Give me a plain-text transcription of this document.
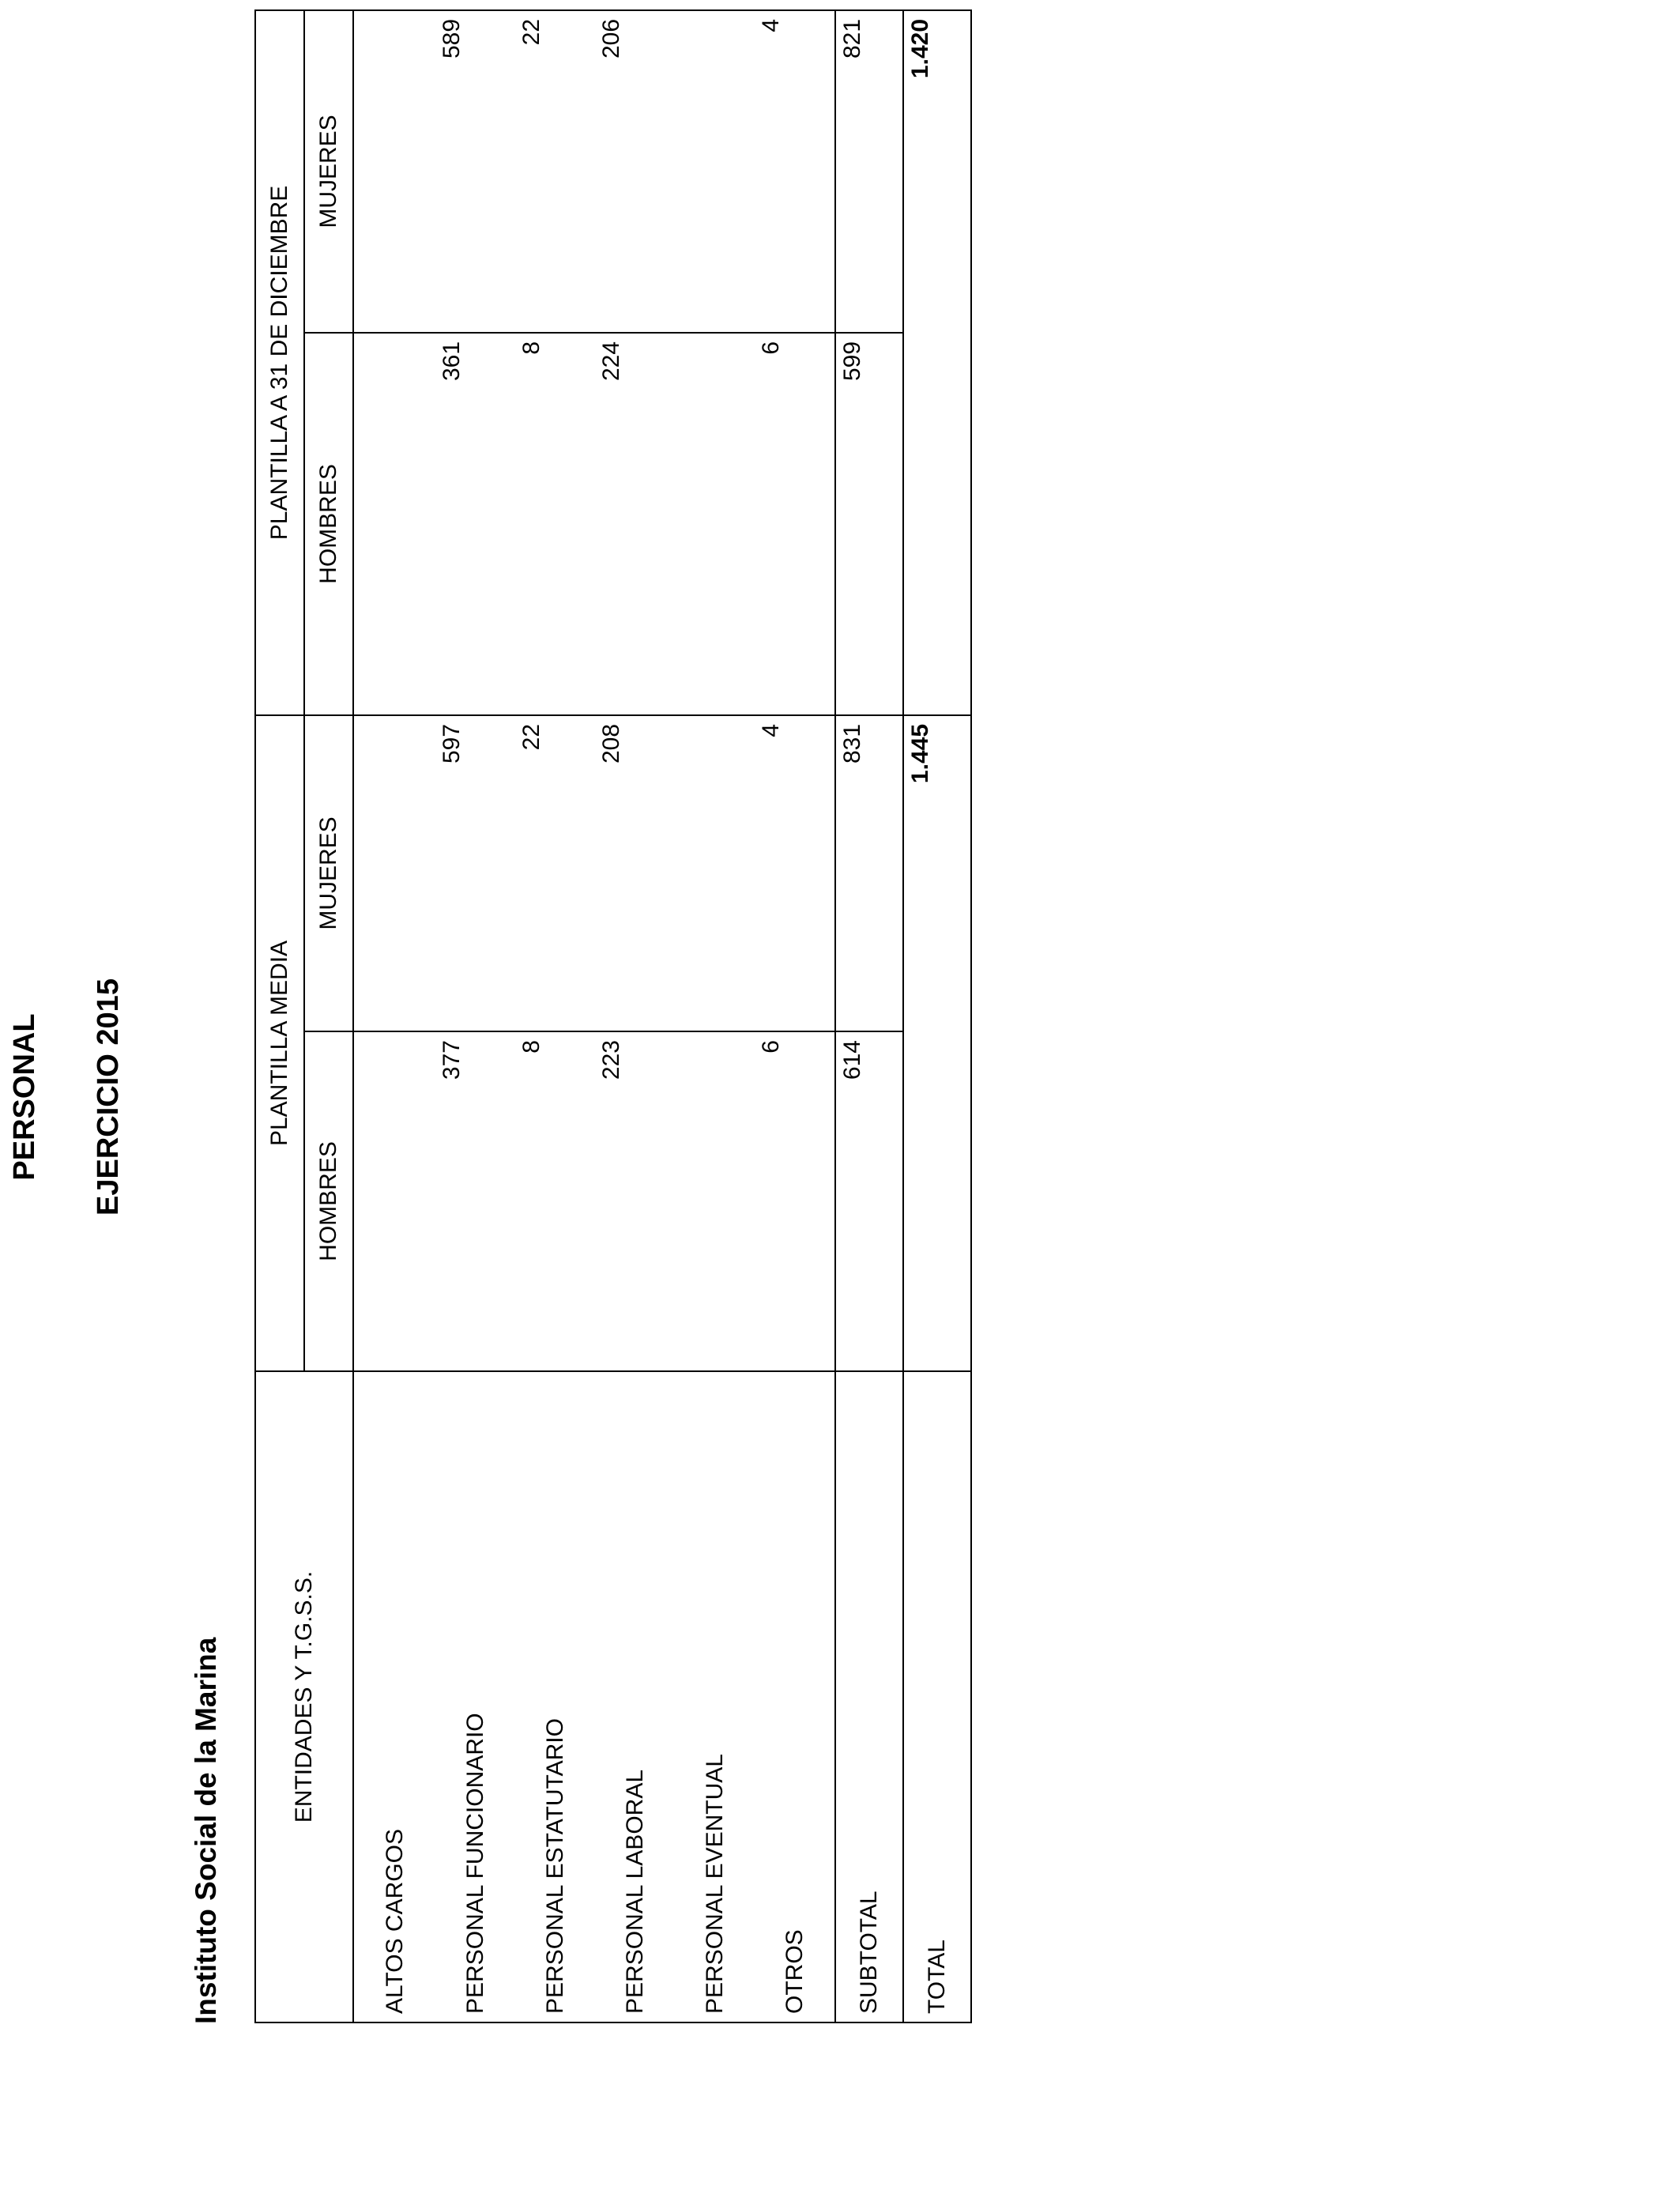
PERSONAL EJERCICIO 2015
Instituto Social de la Marina	ENTIDADES Y T.G.S.S.	PLANTILLA MEDIA		PLANTILLA A 31 DE DICIEMBRE	
	HOMBRES	MUJERES	HOMBRES	MUJERES
ALTOS CARGOS				
PERSONAL FUNCIONARIO	377	597	361	589
PERSONAL ESTATUTARIO	8	22	8	22
PERSONAL LABORAL	223	208	224	206
PERSONAL EVENTUAL				
OTROS	6	4	6	4
SUBTOTAL	614	831	599	821
TOTAL	1.445		1.420	
